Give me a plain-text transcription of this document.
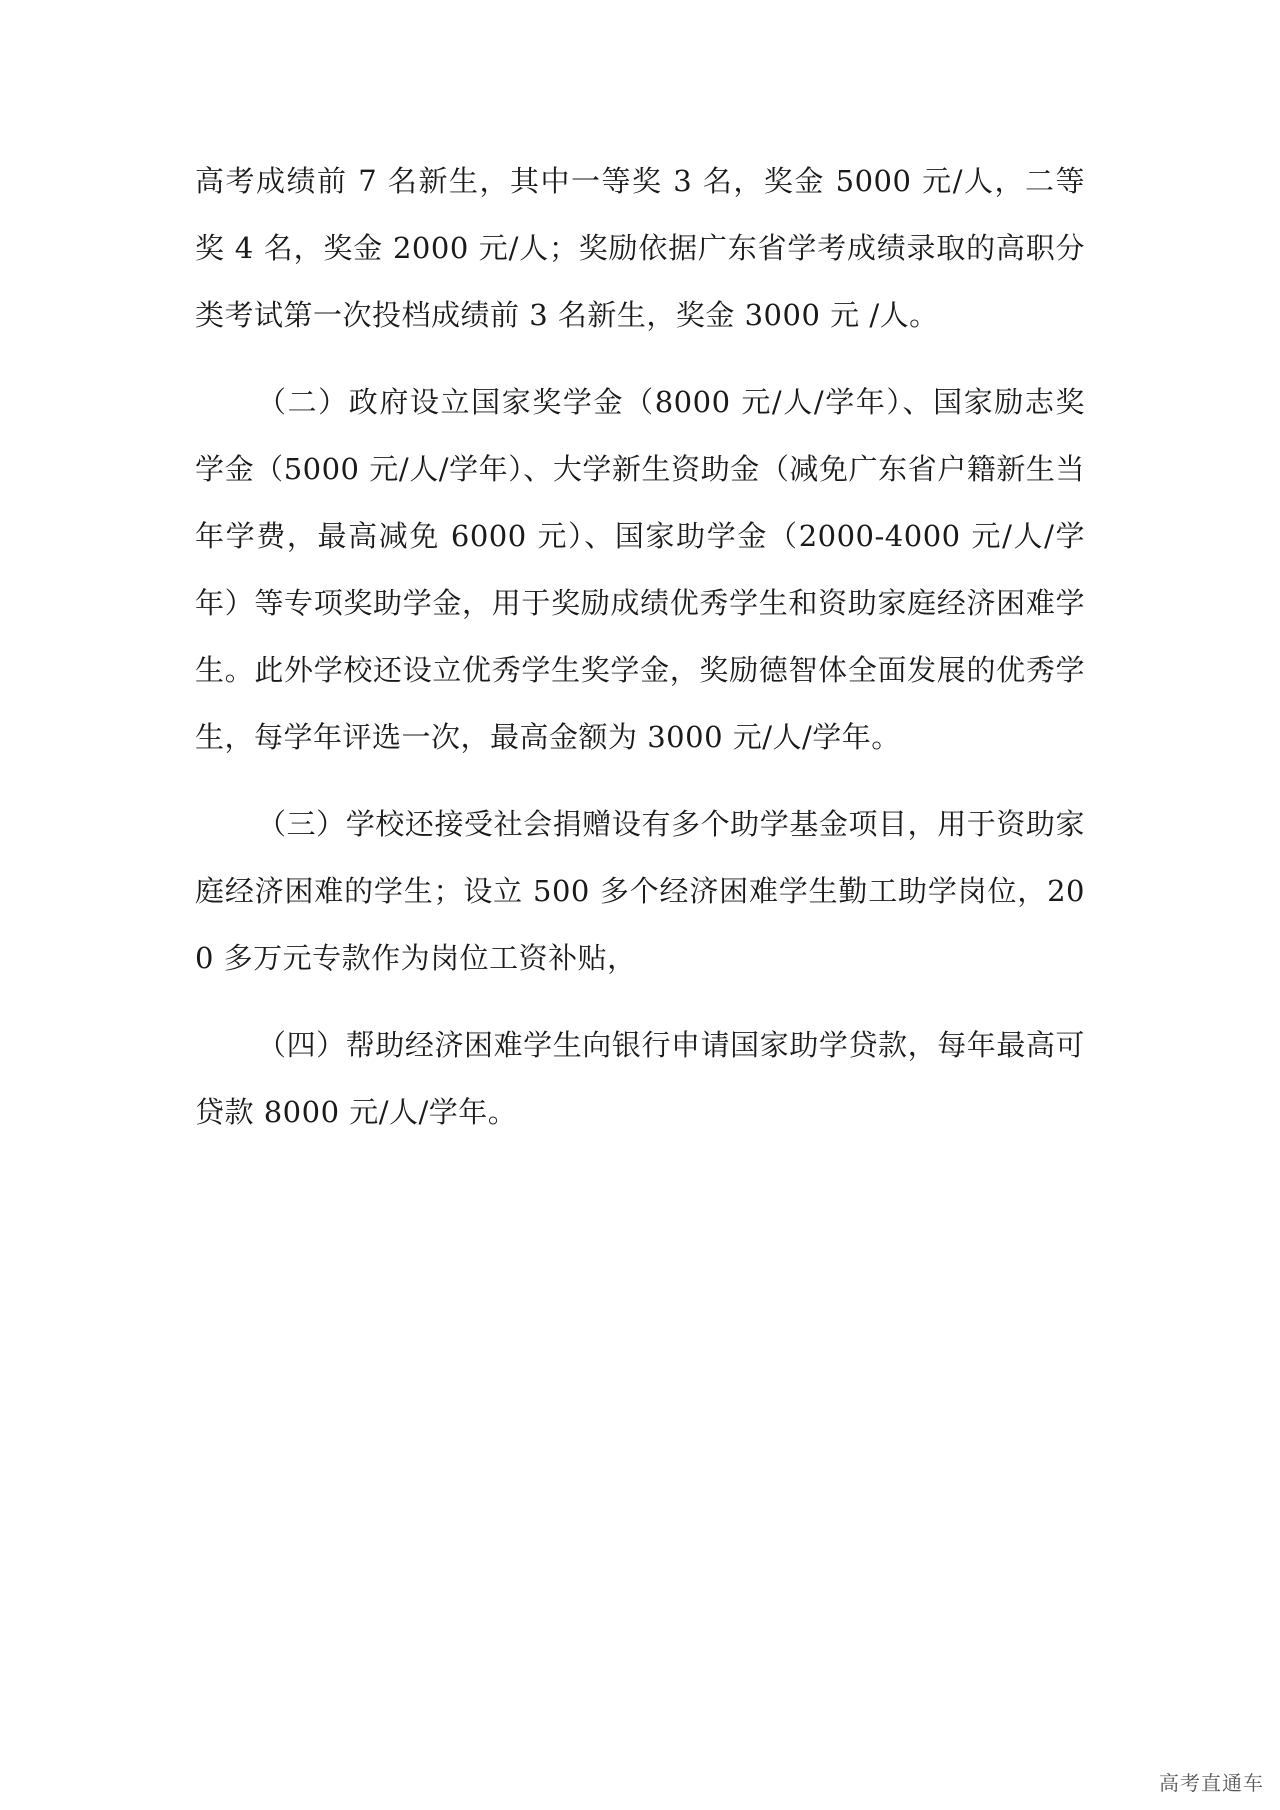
高考成绩前 7 名新生，其中一等奖 3 名，奖金 5000 元/人，二等奖 4 名，奖金 2000 元/人；奖励依据广东省学考成绩录取的高职分类考试第一次投档成绩前 3 名新生，奖金 3000 元 /人。

（二）政府设立国家奖学金（8000 元/人/学年）、国家励志奖学金（5000 元/人/学年）、大学新生资助金（减免广东省户籍新生当年学费，最高减免 6000 元）、国家助学金（2000-4000 元/人/学年）等专项奖助学金，用于奖励成绩优秀学生和资助家庭经济困难学生。此外学校还设立优秀学生奖学金，奖励德智体全面发展的优秀学生，每学年评选一次，最高金额为 3000 元/人/学年。

（三）学校还接受社会捐赠设有多个助学基金项目，用于资助家庭经济困难的学生；设立 500 多个经济困难学生勤工助学岗位，200 多万元专款作为岗位工资补贴，

（四）帮助经济困难学生向银行申请国家助学贷款，每年最高可贷款 8000 元/人/学年。

高考直通车
